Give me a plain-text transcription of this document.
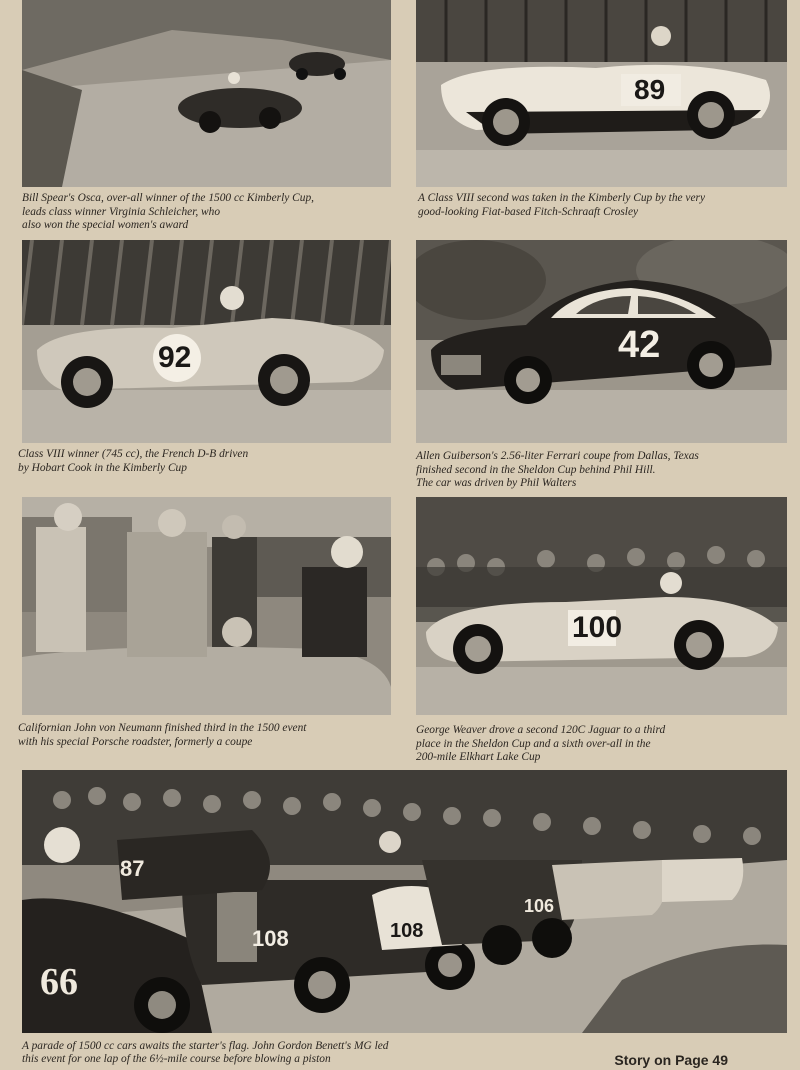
Bill Spear's Osca, over-all winner of the 1500 cc Kimberly Cup,
leads class winner Virginia Schleicher, who
also won the special women's award
89
A Class VIII second was taken in the Kimberly Cup by the very
good-looking Fiat-based Fitch-Schraaft Crosley
92
Class VIII winner (745 cc), the French D-B driven
by Hobart Cook in the Kimberly Cup
42
Allen Guiberson's 2.56-liter Ferrari coupe from Dallas, Texas
finished second in the Sheldon Cup behind Phil Hill.
The car was driven by Phil Walters
Californian John von Neumann finished third in the 1500 event
with his special Porsche roadster, formerly a coupe
100
George Weaver drove a second 120C Jaguar to a third
place in the Sheldon Cup and a sixth over-all in the
200-mile Elkhart Lake Cup
66
108	108
87
106
A parade of 1500 cc cars awaits the starter's flag. John Gordon Benett's MG led
this event for one lap of the 6½-mile course before blowing a piston	Story on Page 49
